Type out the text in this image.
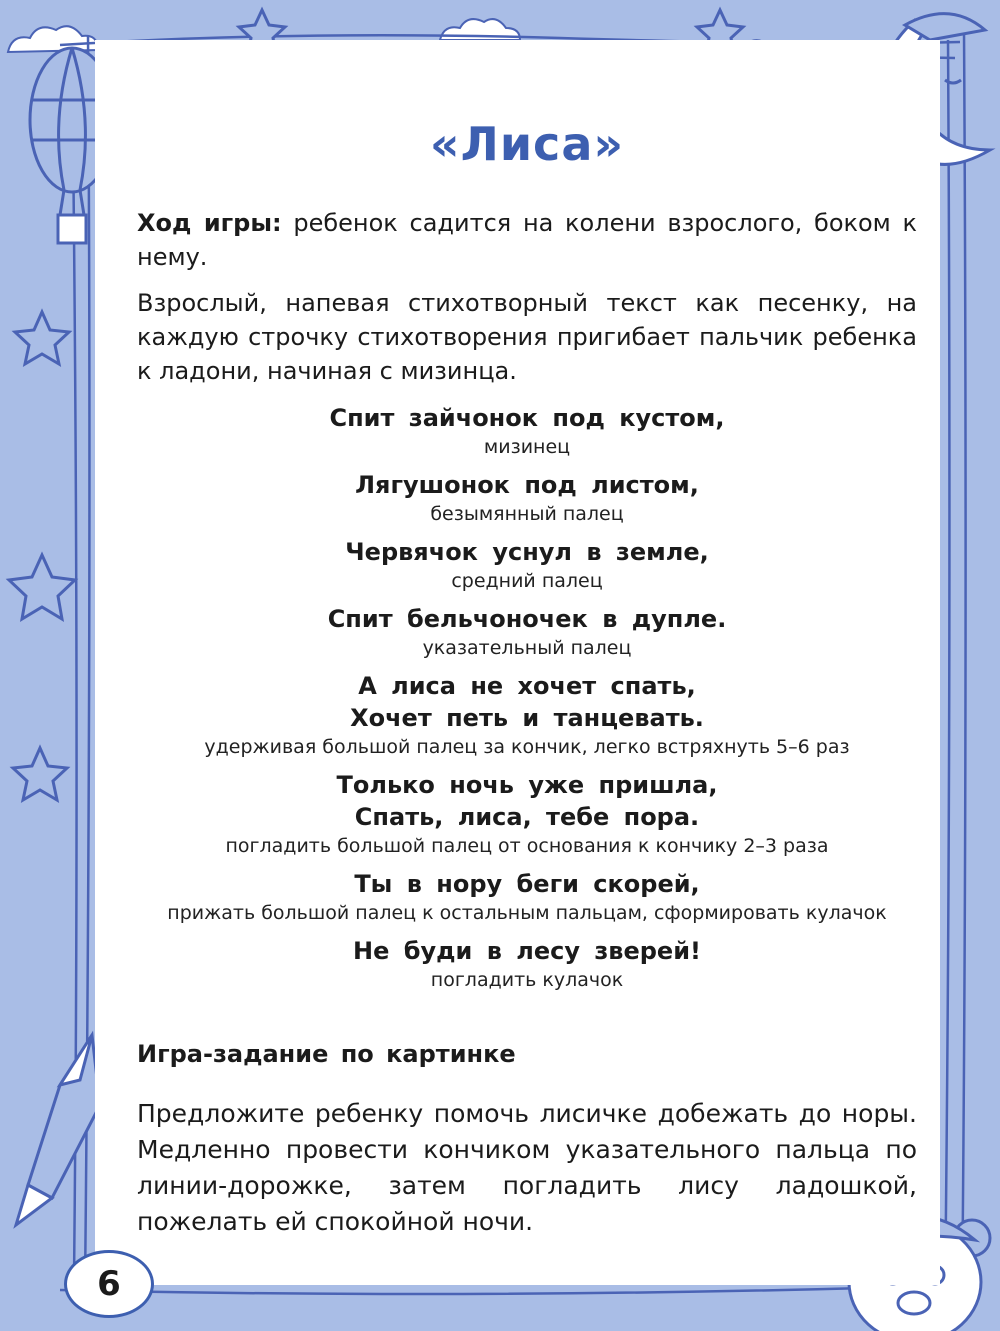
«Лиса»

Ход игры: ребенок садится на колени взрослого, боком к нему.

Взрослый, напевая стихотворный текст как песенку, на каждую строчку стихотворения пригибает пальчик ребенка к ладони, начиная с мизинца.

Спит зайчонок под кустом,
мизинец
Лягушонок под листом,
безымянный палец
Червячок уснул в земле,
средний палец
Спит бельчоночек в дупле.
указательный палец
А лиса не хочет спать,
Хочет петь и танцевать.
удерживая большой палец за кончик, легко встряхнуть 5–6 раз
Только ночь уже пришла,
Спать, лиса, тебе пора.
погладить большой палец от основания к кончику 2–3 раза
Ты в нору беги скорей,
прижать большой палец к остальным пальцам, сформировать кулачок
Не буди в лесу зверей!
погладить кулачок
Игра-задание по картинке

Предложите ребенку помочь лисичке добежать до норы. Медленно провести кончиком указательного пальца по линии-дорожке, затем погладить лису ладошкой, пожелать ей спокойной ночи.

6
